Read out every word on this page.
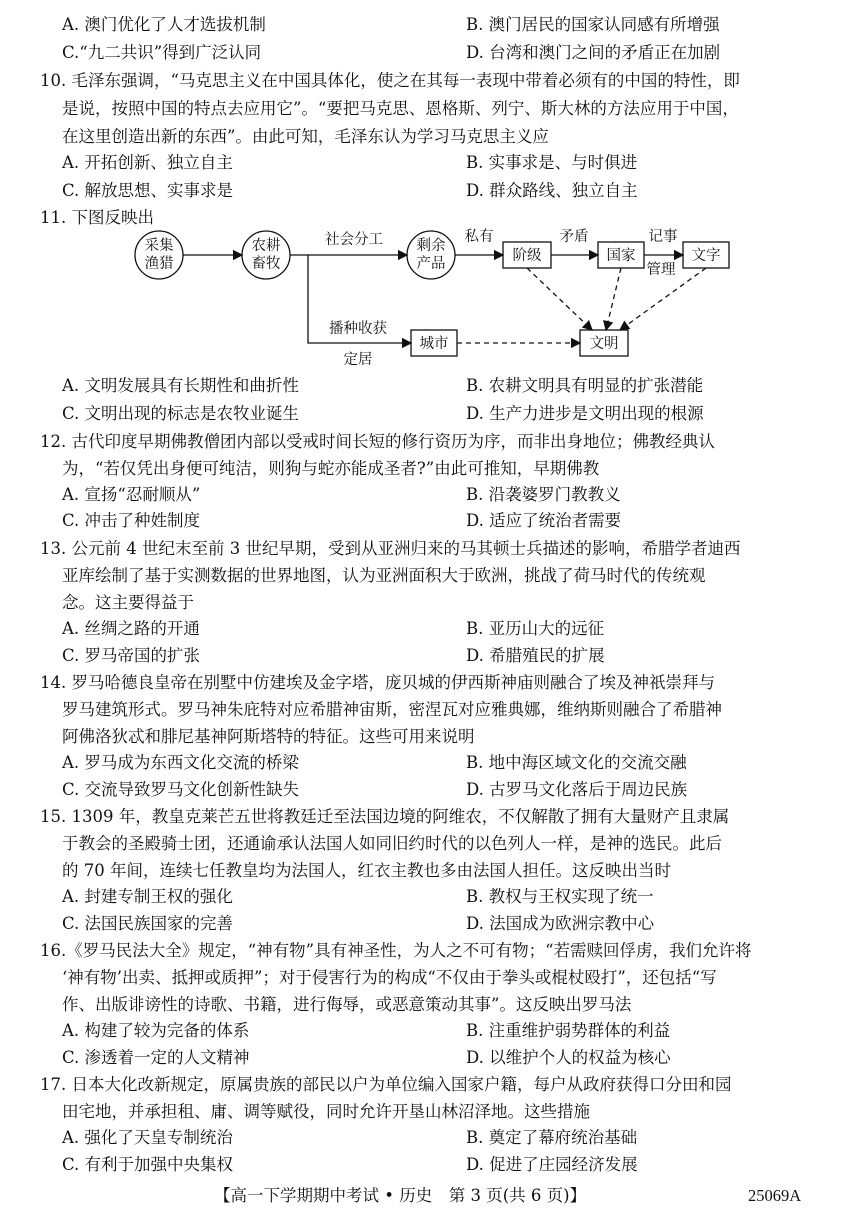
A. 澳门优化了人才选拔机制	B. 澳门居民的国家认同感有所增强
C.“九二共识”得到广泛认同	D. 台湾和澳门之间的矛盾正在加剧
10. 毛泽东强调，“马克思主义在中国具体化，使之在其每一表现中带着必须有的中国的特性，即
是说，按照中国的特点去应用它”。“要把马克思、恩格斯、列宁、斯大林的方法应用于中国，
在这里创造出新的东西”。由此可知，毛泽东认为学习马克思主义应
A. 开拓创新、独立自主	B. 实事求是、与时俱进
C. 解放思想、实事求是	D. 群众路线、独立自主
11. 下图反映出
采集
渔猎
农耕
畜牧
社会分工 剩余
产品
私有
阶级
矛盾
国家
记事
管理
文字
播种收获
定居
城市	文明
A. 文明发展具有长期性和曲折性	B. 农耕文明具有明显的扩张潜能
C. 文明出现的标志是农牧业诞生	D. 生产力进步是文明出现的根源
12. 古代印度早期佛教僧团内部以受戒时间长短的修行资历为序，而非出身地位；佛教经典认
为，“若仅凭出身便可纯洁，则狗与蛇亦能成圣者?”由此可推知，早期佛教
A. 宣扬“忍耐顺从”	B. 沿袭婆罗门教教义
C. 冲击了种姓制度	D. 适应了统治者需要
13. 公元前 4 世纪末至前 3 世纪早期，受到从亚洲归来的马其顿士兵描述的影响，希腊学者迪西
亚库绘制了基于实测数据的世界地图，认为亚洲面积大于欧洲，挑战了荷马时代的传统观
念。这主要得益于
A. 丝绸之路的开通	B. 亚历山大的远征
C. 罗马帝国的扩张	D. 希腊殖民的扩展
14. 罗马哈德良皇帝在别墅中仿建埃及金字塔，庞贝城的伊西斯神庙则融合了埃及神祇崇拜与
罗马建筑形式。罗马神朱庇特对应希腊神宙斯，密涅瓦对应雅典娜，维纳斯则融合了希腊神
阿佛洛狄忒和腓尼基神阿斯塔特的特征。这些可用来说明
A. 罗马成为东西文化交流的桥梁	B. 地中海区域文化的交流交融
C. 交流导致罗马文化创新性缺失	D. 古罗马文化落后于周边民族
15. 1309 年，教皇克莱芒五世将教廷迁至法国边境的阿维农，不仅解散了拥有大量财产且隶属
于教会的圣殿骑士团，还通谕承认法国人如同旧约时代的以色列人一样，是神的选民。此后
的 70 年间，连续七任教皇均为法国人，红衣主教也多由法国人担任。这反映出当时
A. 封建专制王权的强化	B. 教权与王权实现了统一
C. 法国民族国家的完善	D. 法国成为欧洲宗教中心
16.《罗马民法大全》规定，“神有物”具有神圣性，为人之不可有物；“若需赎回俘虏，我们允许将
‘神有物’出卖、抵押或质押”；对于侵害行为的构成“不仅由于拳头或棍杖殴打”，还包括“写
作、出版诽谤性的诗歌、书籍，进行侮辱，或恶意策动其事”。这反映出罗马法
A. 构建了较为完备的体系	B. 注重维护弱势群体的利益
C. 渗透着一定的人文精神	D. 以维护个人的权益为核心
17. 日本大化改新规定，原属贵族的部民以户为单位编入国家户籍，每户从政府获得口分田和园
田宅地，并承担租、庸、调等赋役，同时允许开垦山林沼泽地。这些措施
A. 强化了天皇专制统治	B. 奠定了幕府统治基础
C. 有利于加强中央集权	D. 促进了庄园经济发展
【高一下学期期中考试 • 历史　第 3 页(共 6 页)】	25069A
